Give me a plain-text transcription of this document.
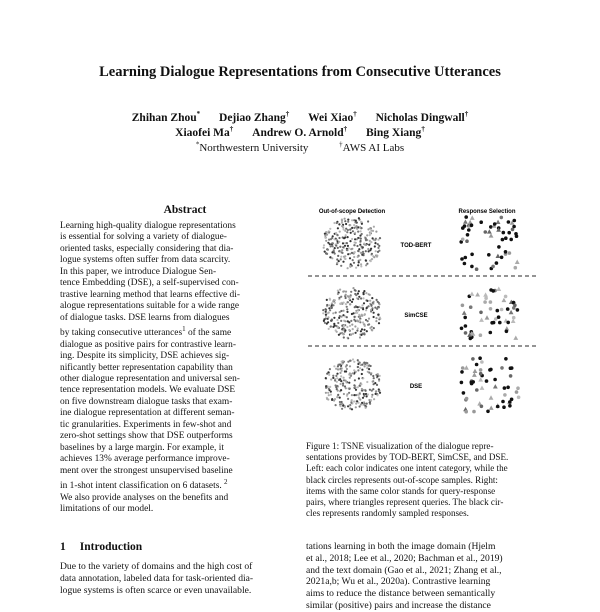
Learning Dialogue Representations from Consecutive Utterances
Zhihan Zhou* Dejiao Zhang† Wei Xiao† Nicholas Dingwall†
Xiaofei Ma† Andrew O. Arnold† Bing Xiang†
*Northwestern University	†AWS AI Labs
Abstract
Learning high-quality dialogue representations
is essential for solving a variety of dialogue-
oriented tasks, especially considering that dia-
logue systems often suffer from data scarcity.
In this paper, we introduce Dialogue Sen-
tence Embedding (DSE), a self-supervised con-
trastive learning method that learns effective di-
alogue representations suitable for a wide range
of dialogue tasks. DSE learns from dialogues
by taking consecutive utterances$^1$ of the same
dialogue as positive pairs for contrastive learn-
ing. Despite its simplicity, DSE achieves sig-
nificantly better representation capability than
other dialogue representation and universal sen-
tence representation models. We evaluate DSE
on five downstream dialogue tasks that exam-
ine dialogue representation at different seman-
tic granularities. Experiments in few-shot and
zero-shot settings show that DSE outperforms
baselines by a large margin. For example, it
achieves 13% average performance improve-
ment over the strongest unsupervised baseline
in 1-shot intent classification on 6 datasets. $^2$
We also provide analyses on the benefits and
limitations of our model.
1 Introduction
Due to the variety of domains and the high cost of
data annotation, labeled data for task-oriented dia-
logue systems is often scarce or even unavailable.
Out-of-scope Detection	Response Selection
TOD-BERT
SimCSE
DSE
Figure 1: TSNE visualization of the dialogue repre-
sentations provides by TOD-BERT, SimCSE, and DSE.
Left: each color indicates one intent category, while the
black circles represents out-of-scope samples. Right:
items with the same color stands for query-response
pairs, where triangles represent queries. The black cir-
cles represents randomly sampled responses.
tations learning in both the image domain (Hjelm
et al., 2018; Lee et al., 2020; Bachman et al., 2019)
and the text domain (Gao et al., 2021; Zhang et al.,
2021a,b; Wu et al., 2020a). Contrastive learning
aims to reduce the distance between semantically
similar (positive) pairs and increase the distance
